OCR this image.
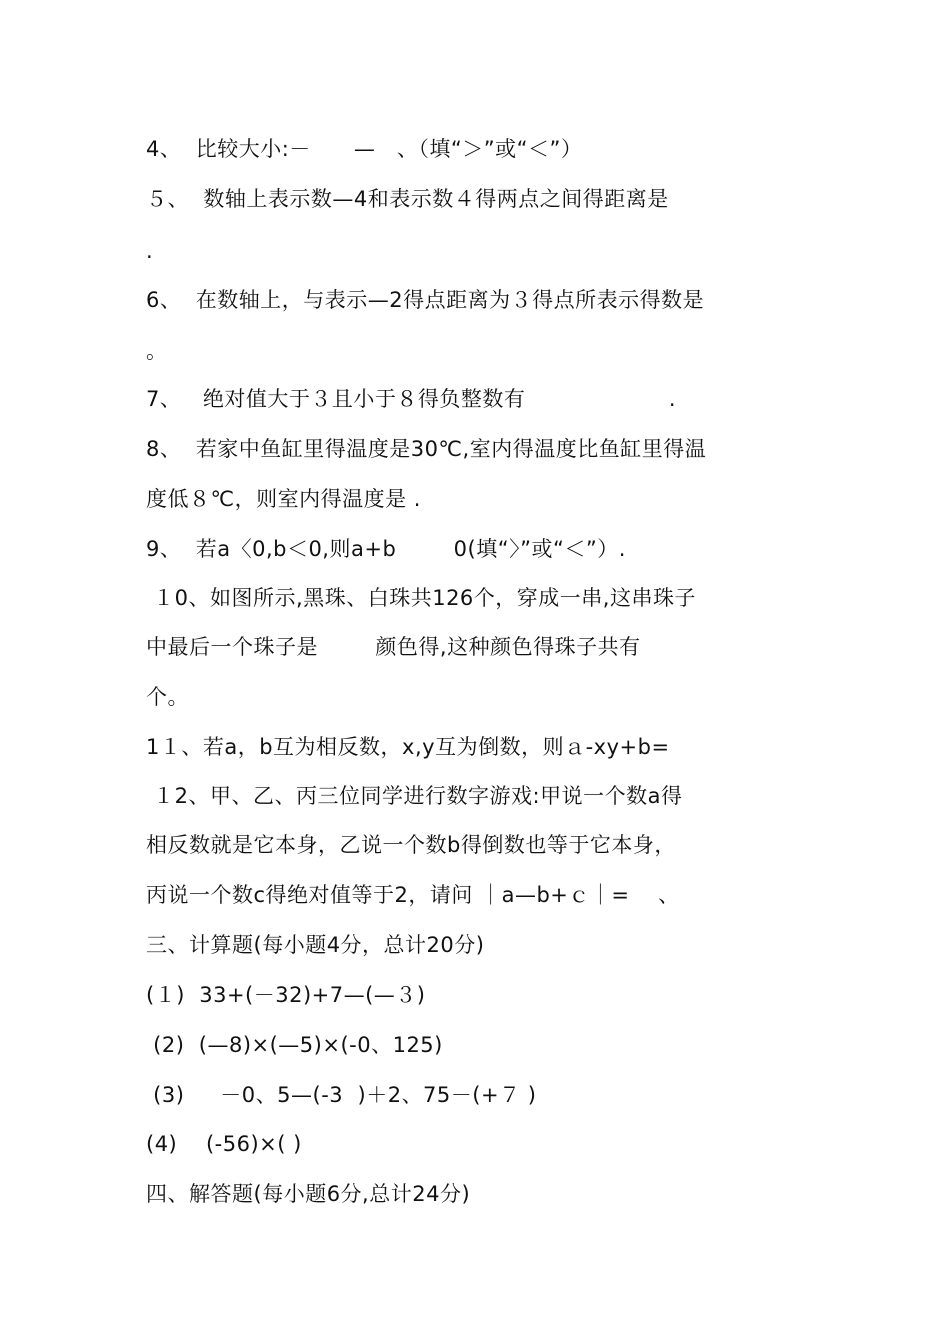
4、  比较大小:－      —   、（填“＞”或“＜”）
５、  数轴上表示数—4和表示数４得两点之间得距离是
.
6、  在数轴上，与表示—2得点距离为３得点所表示得数是
。
7、   绝对值大于３且小于８得负整数有                    .
8、  若家中鱼缸里得温度是30℃,室内得温度比鱼缸里得温
度低８℃，则室内得温度是 .
9、  若a〈0,b＜0,则a+b        0(填“〉”或“＜”）.
１0、如图所示,黑珠、白珠共126个，穿成一串,这串珠子
中最后一个珠子是        颜色得,这种颜色得珠子共有
个。
1１、若a，b互为相反数，x,y互为倒数，则ａ-xy+b=
１2、甲、乙、丙三位同学进行数字游戏:甲说一个数a得
相反数就是它本身，乙说一个数b得倒数也等于它本身，
丙说一个数c得绝对值等于2，请问 ｜a—b+ｃ｜=    、
三、计算题(每小题4分，总计20分)
(１)  33+(－32)+7—(—３)
(2)  (—8)×(—5)×(-0、125)
(3)     －0、5—(-3  )＋2、75－(+７ )
(4)    (-56)×( )
四、解答题(每小题6分,总计24分)
